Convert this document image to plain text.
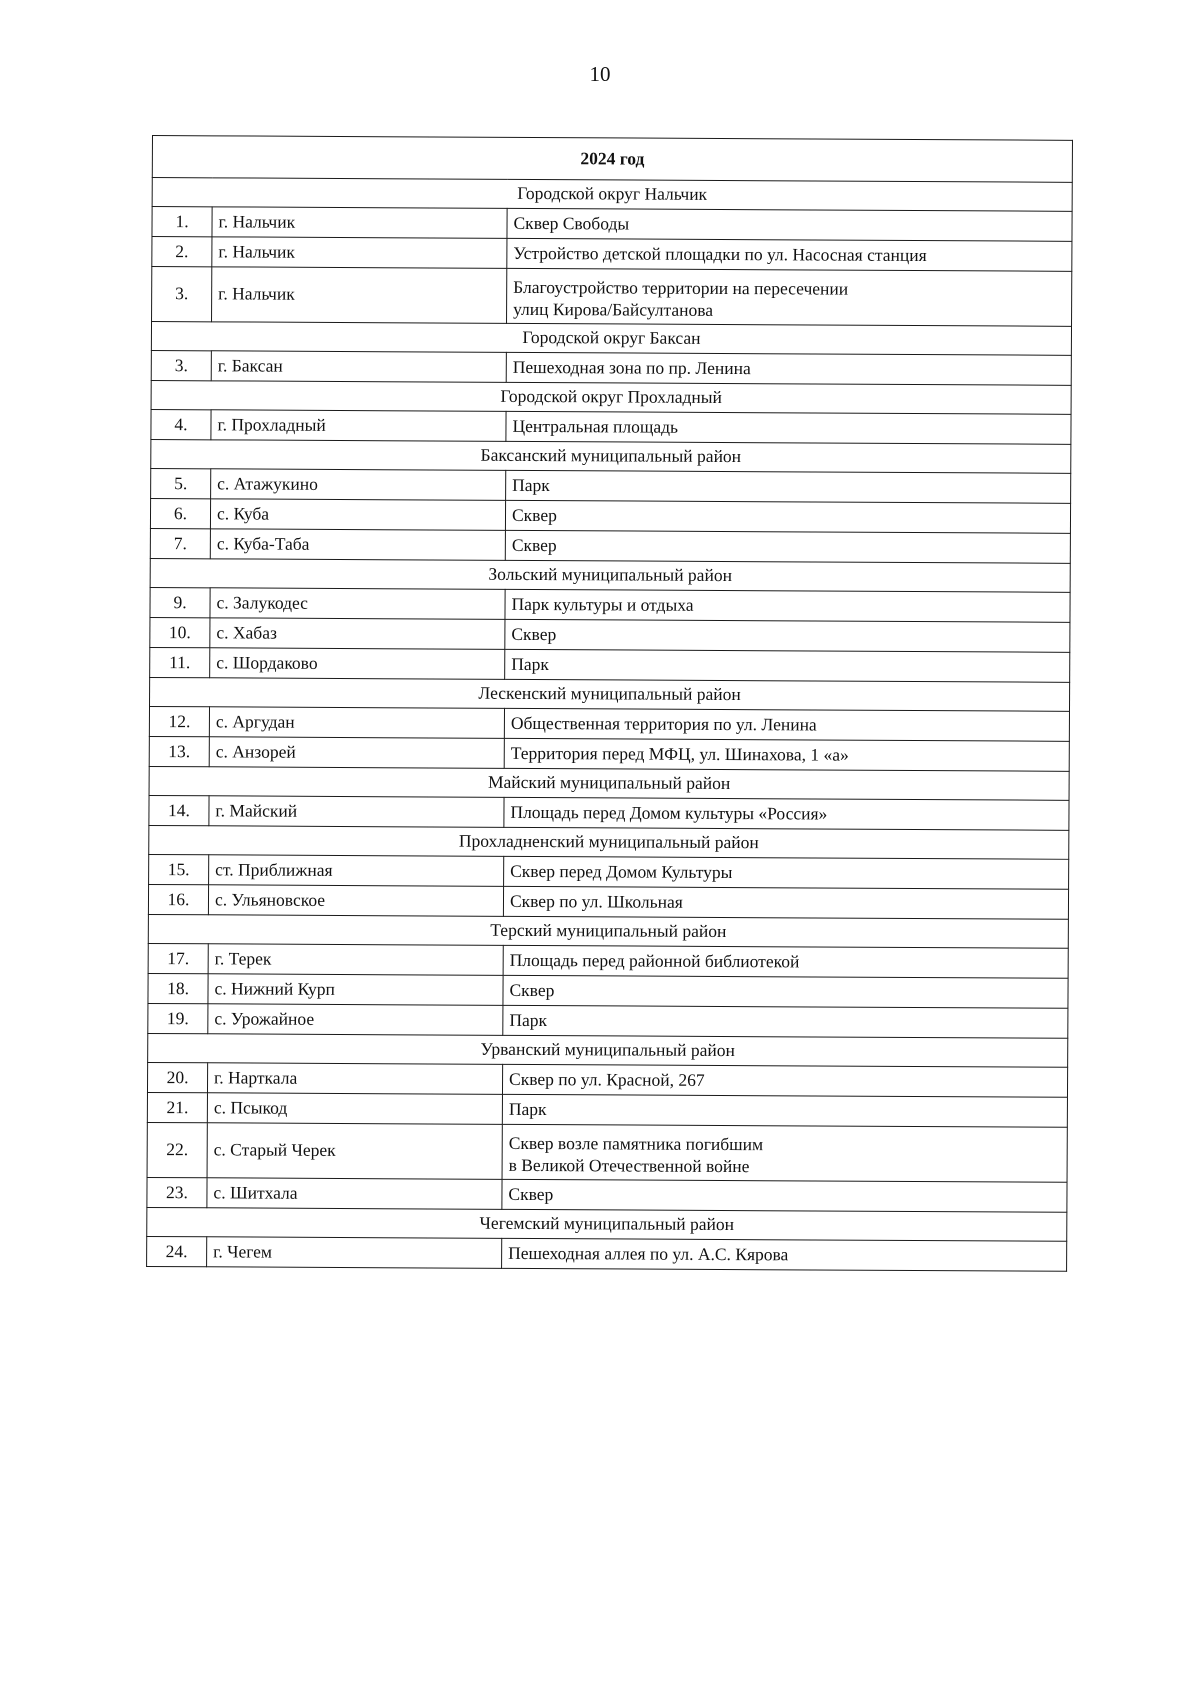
10
2024 год		
Городской округ Нальчик		
1.	г. Нальчик	Сквер Свободы
2.	г. Нальчик	Устройство детской площадки по ул. Насосная станция
3.	г. Нальчик	Благоустройство территории на пересечении
улиц Кирова/Байсултанова

Городской округ Баксан		
3.	г. Баксан	Пешеходная зона по пр. Ленина
Городской округ Прохладный		
4.	г. Прохладный	Центральная площадь
Баксанский муниципальный район		
5.	с. Атажукино	Парк
6.	с. Куба	Сквер
7.	с. Куба-Таба	Сквер
Зольский муниципальный район		
9.	с. Залукодес	Парк культуры и отдыха
10.	с. Хабаз	Сквер
11.	с. Шордаково	Парк
Лескенский муниципальный район		
12.	с. Аргудан	Общественная территория по ул. Ленина
13.	с. Анзорей	Территория перед МФЦ, ул. Шинахова, 1 «а»
Майский муниципальный район		
14.	г. Майский	Площадь перед Домом культуры «Россия»
Прохладненский муниципальный район		
15.	ст. Приближная	Сквер перед Домом Культуры
16.	с. Ульяновское	Сквер по ул. Школьная
Терский муниципальный район		
17.	г. Терек	Площадь перед районной библиотекой
18.	с. Нижний Курп	Сквер
19.	с. Урожайное	Парк
Урванский муниципальный район		
20.	г. Нарткала	Сквер по ул. Красной, 267
21.	с. Псыкод	Парк
22.	с. Старый Черек	Сквер возле памятника погибшим
в Великой Отечественной войне

23.	с. Шитхала	Сквер
Чегемский муниципальный район		
24.	г. Чегем	Пешеходная аллея по ул. А.С. Кярова
